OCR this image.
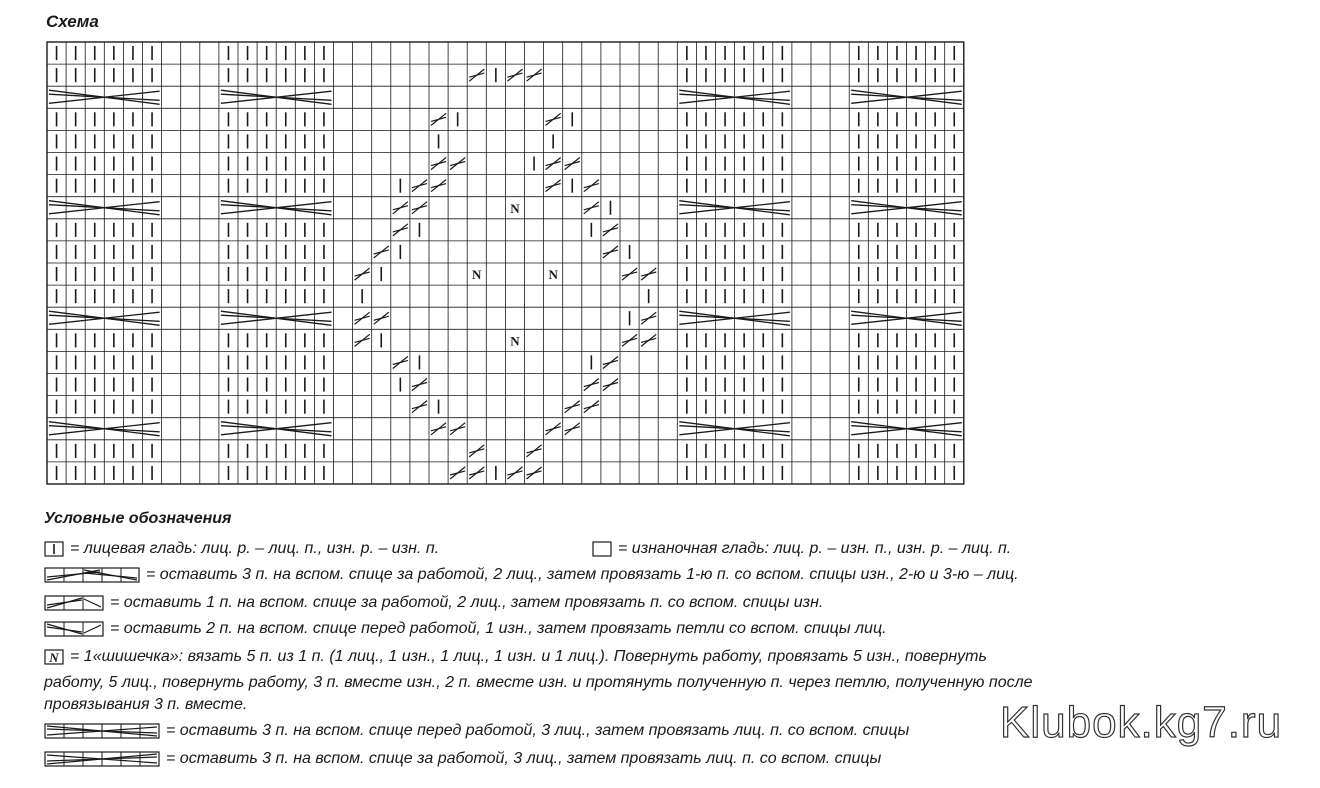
Схема
N
N	N
N
Условные обозначения
= лицевая гладь: лиц. р. – лиц. п., изн. р. – изн. п.	= изнаночная гладь: лиц. р. – изн. п., изн. р. – лиц. п.
= оставить 3 п. на вспом. спице за работой, 2 лиц., затем провязать 1-ю п. со вспом. спицы изн., 2-ю и 3-ю – лиц.
= оставить 1 п. на вспом. спице за работой, 2 лиц., затем провязать п. со вспом. спицы изн.
= оставить 2 п. на вспом. спице перед работой, 1 изн., затем провязать петли со вспом. спицы лиц.
N = 1«шишечка»: вязать 5 п. из 1 п. (1 лиц., 1 изн., 1 лиц., 1 изн. и 1 лиц.). Повернуть работу, провязать 5 изн., повернуть
работу, 5 лиц., повернуть работу, 3 п. вместе изн., 2 п. вместе изн. и протянуть полученную п. через петлю, полученную после
провязывания 3 п. вместе.
= оставить 3 п. на вспом. спице перед работой, 3 лиц., затем провязать лиц. п. со вспом. спицы
= оставить 3 п. на вспом. спице за работой, 3 лиц., затем провязать лиц. п. со вспом. спицы
Klubok.kg7.ru
